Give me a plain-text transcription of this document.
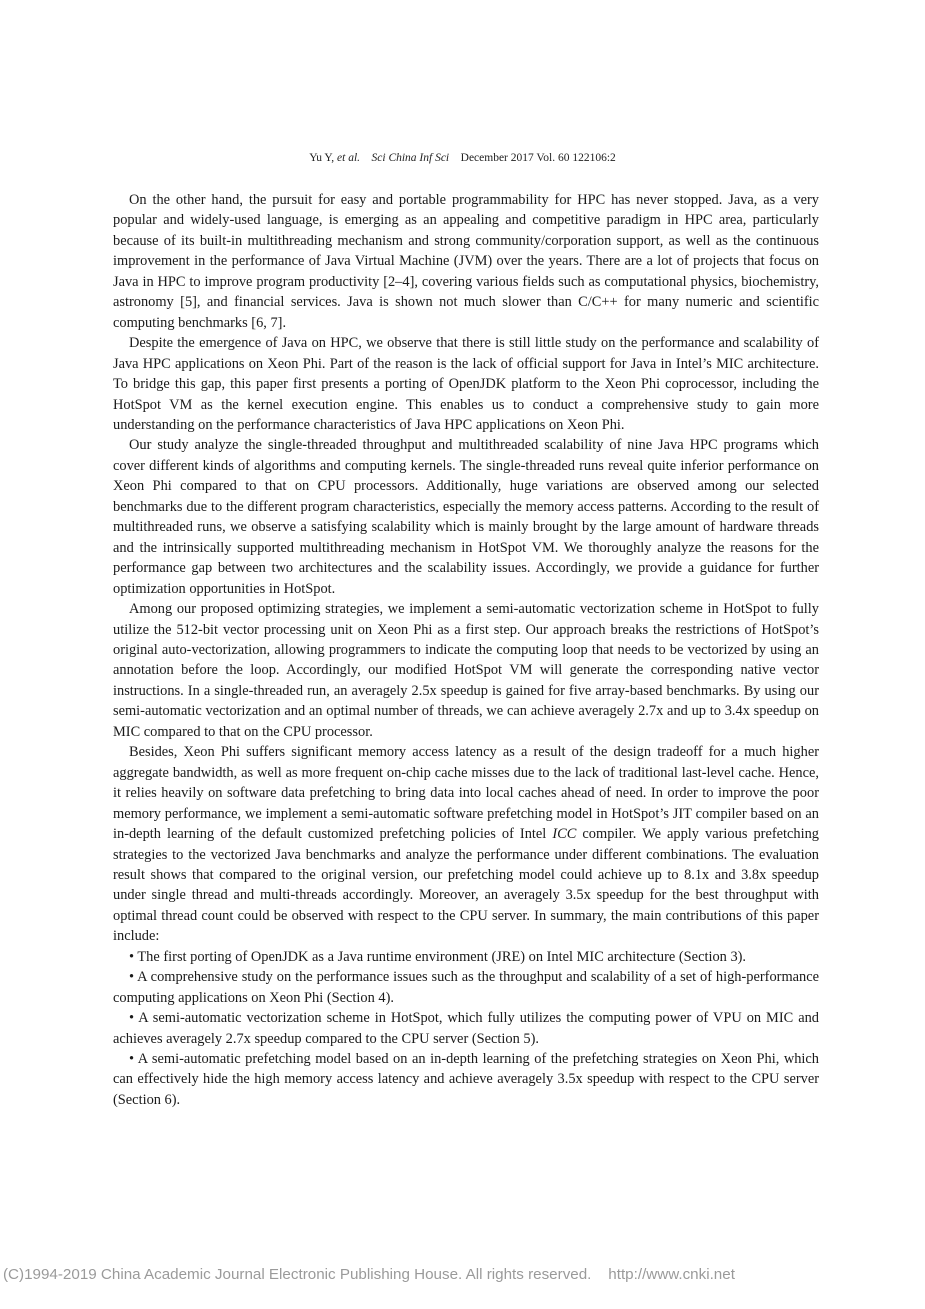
Yu Y, et al. Sci China Inf Sci December 2017 Vol. 60 122106:2

On the other hand, the pursuit for easy and portable programmability for HPC has never stopped. Java, as a very popular and widely-used language, is emerging as an appealing and competitive paradigm in HPC area, particularly because of its built-in multithreading mechanism and strong community/corporation support, as well as the continuous improvement in the performance of Java Virtual Machine (JVM) over the years. There are a lot of projects that focus on Java in HPC to improve program productivity [2–4], covering various fields such as computational physics, biochemistry, astronomy [5], and financial services. Java is shown not much slower than C/C++ for many numeric and scientific computing benchmarks [6, 7].

Despite the emergence of Java on HPC, we observe that there is still little study on the performance and scalability of Java HPC applications on Xeon Phi. Part of the reason is the lack of official support for Java in Intel’s MIC architecture. To bridge this gap, this paper first presents a porting of OpenJDK platform to the Xeon Phi coprocessor, including the HotSpot VM as the kernel execution engine. This enables us to conduct a comprehensive study to gain more understanding on the performance characteristics of Java HPC applications on Xeon Phi.

Our study analyze the single-threaded throughput and multithreaded scalability of nine Java HPC programs which cover different kinds of algorithms and computing kernels. The single-threaded runs reveal quite inferior performance on Xeon Phi compared to that on CPU processors. Additionally, huge variations are observed among our selected benchmarks due to the different program characteristics, especially the memory access patterns. According to the result of multithreaded runs, we observe a satisfying scalability which is mainly brought by the large amount of hardware threads and the intrinsically supported multithreading mechanism in HotSpot VM. We thoroughly analyze the reasons for the performance gap between two architectures and the scalability issues. Accordingly, we provide a guidance for further optimization opportunities in HotSpot.

Among our proposed optimizing strategies, we implement a semi-automatic vectorization scheme in HotSpot to fully utilize the 512-bit vector processing unit on Xeon Phi as a first step. Our approach breaks the restrictions of HotSpot’s original auto-vectorization, allowing programmers to indicate the computing loop that needs to be vectorized by using an annotation before the loop. Accordingly, our modified HotSpot VM will generate the corresponding native vector instructions. In a single-threaded run, an averagely 2.5x speedup is gained for five array-based benchmarks. By using our semi-automatic vectorization and an optimal number of threads, we can achieve averagely 2.7x and up to 3.4x speedup on MIC compared to that on the CPU processor.

Besides, Xeon Phi suffers significant memory access latency as a result of the design tradeoff for a much higher aggregate bandwidth, as well as more frequent on-chip cache misses due to the lack of traditional last-level cache. Hence, it relies heavily on software data prefetching to bring data into local caches ahead of need. In order to improve the poor memory performance, we implement a semi-automatic software prefetching model in HotSpot’s JIT compiler based on an in-depth learning of the default customized prefetching policies of Intel ICC compiler. We apply various prefetching strategies to the vectorized Java benchmarks and analyze the performance under different combinations. The evaluation result shows that compared to the original version, our prefetching model could achieve up to 8.1x and 3.8x speedup under single thread and multi-threads accordingly. Moreover, an averagely 3.5x speedup for the best throughput with optimal thread count could be observed with respect to the CPU server. In summary, the main contributions of this paper include:

• The first porting of OpenJDK as a Java runtime environment (JRE) on Intel MIC architecture (Section 3).

• A comprehensive study on the performance issues such as the throughput and scalability of a set of high-performance computing applications on Xeon Phi (Section 4).

• A semi-automatic vectorization scheme in HotSpot, which fully utilizes the computing power of VPU on MIC and achieves averagely 2.7x speedup compared to the CPU server (Section 5).

• A semi-automatic prefetching model based on an in-depth learning of the prefetching strategies on Xeon Phi, which can effectively hide the high memory access latency and achieve averagely 3.5x speedup with respect to the CPU server (Section 6).

(C)1994-2019 China Academic Journal Electronic Publishing House. All rights reserved. http://www.cnki.net
